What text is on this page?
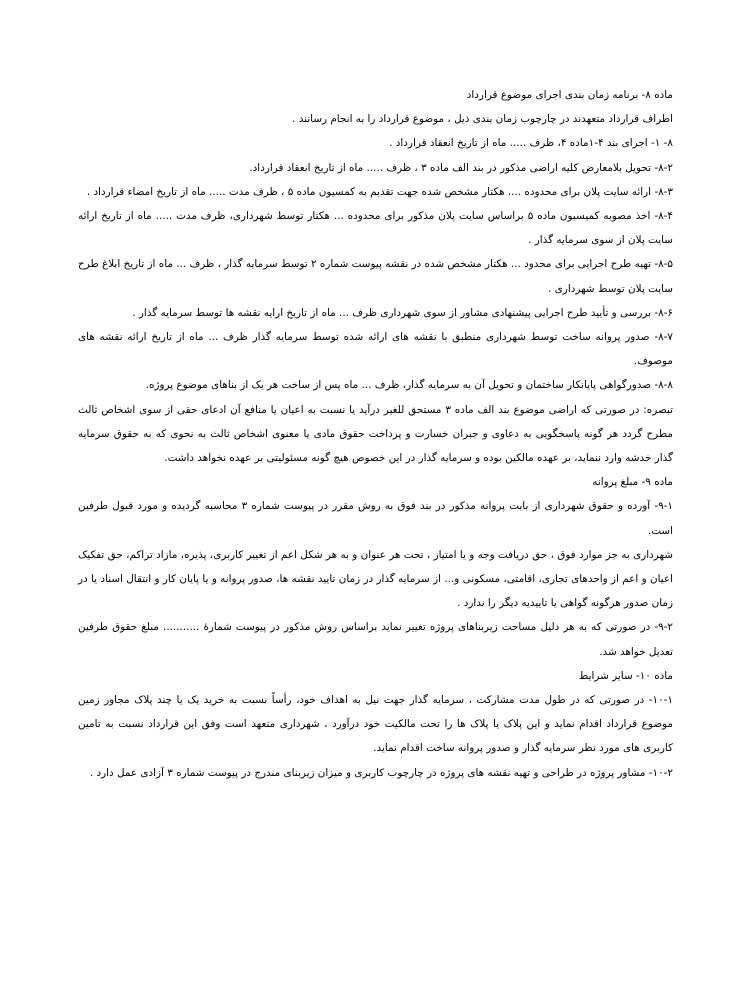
ماده ۸- برنامه زمان بندی اجرای موضوع قرارداد

اطراف قرارداد متعهدند در چارچوب زمان بندی ذیل ، موضوع قرارداد را به انجام رسانند .

۸- ۱- اجرای بند ۴-۱ماده ۴، ظرف ..... ماه از تاریخ انعقاد قرارداد .

۸-۲- تحویل بلامعارض کلیه اراضی مذکور در بند الف ماده ۳ ، ظرف ..... ماه از تاریخ انعقاد قرارداد.

۸-۳- ارائه سایت پلان برای محدوده .... هکتار مشخص شده جهت تقدیم به کمسیون ماده ۵ ، ظرف مدت ..... ماه از تاریخ امضاء قرارداد .

۸-۴- اخذ مصوبه کمیسیون ماده ۵ براساس سایت پلان مذکور برای محدوده ... هکتار توسط شهرداری، ظرف مدت ..... ماه از تاریخ ارائه سایت پلان از سوی سرمایه گذار .

۸-۵- تهیه طرح اجرایی برای محدود ... هکتار مشخص شده در نقشه پیوست شماره ۲ توسط سرمایه گذار ، ظرف ... ماه از تاریخ ابلاغ طرح سایت پلان توسط شهرداری .

۸-۶- بررسی و تأیید طرح اجرایی پیشنهادی مشاور از سوی شهرداری ظرف ... ماه از تاریخ ارایه نقشه ها توسط سرمایه گذار .

۸-۷- صدور پروانه ساخت توسط شهرداری منطبق با نقشه های ارائه شده توسط سرمایه گذار ظرف ... ماه از تاریخ ارائه نقشه های موصوف.

۸-۸- صدورگواهی پایانکار ساختمان و تحویل آن به سرمایه گذار، ظرف ... ماه پس از ساخت هر یک از بناهای موضوع پروژه.

تبصره: در صورتی که اراضی موضوع بند الف ماده ۳ مستحق للغیر درآید یا نسبت به اعیان یا منافع آن ادعای حقی از سوی اشخاص ثالث مطرح گردد هر گونه پاسخگویی به دعاوی و جبران خسارت و پرداخت حقوق مادی یا معنوی اشخاص ثالث به نحوی که به حقوق سرمایه گذار خدشه وارد ننماید، بر عهده مالکین بوده و سرمایه گذار در این خصوص هیچ گونه مسئولیتی بر عهده نخواهد داشت.

ماده ۹- مبلغ پروانه

۹-۱- آورده و حقوق شهرداری از بابت پروانه مذکور در بند فوق به روش مقرر در پیوست شماره ۳ محاسبه گردیده و مورد قبول طرفین است.

شهرداری به جز موارد فوق ، حق دریافت وجه و یا امتیاز ، تحت هر عنوان و به هر شکل اعم از تغییر کاربری، پذیره، مازاد تراکم، حق تفکیک اعیان و اعم از واحدهای تجاری، اقامتی، مسکونی و... از سرمایه گذار در زمان تایید نقشه ها، صدور پروانه و یا پایان کار و انتقال اسناد یا در زمان صدور هرگونه گواهی یا تاییدیه دیگر را ندارد .

۹-۲- در صورتی که به هر دلیل مساحت زیربناهای پروژه تغییر نماید براساس روش مذکور در پیوست شمارهٔ ........... مبلغ حقوق طرفین تعدیل خواهد شد.

ماده ۱۰- سایر شرایط

۱۰-۱- در صورتی که در طول مدت مشارکت ، سرمایه گذار جهت نیل به اهداف خود، رأساً نسبت به خرید یک یا چند پلاک مجاور زمین موضوع قرارداد اقدام نماید و این پلاک یا پلاک ها را تحت مالکیت خود درآورد ، شهرداری متعهد است وفق این قرارداد نسبت به تامین کاربری های مورد نظر سرمایه گذار و صدور پروانه ساخت اقدام نماید.

۱۰-۲- مشاور پروژه در طراحی و تهیه نقشه های پروژه در چارچوب کاربری و میزان زیربنای مندرج در پیوست شماره ۳ آزادی عمل دارد .
